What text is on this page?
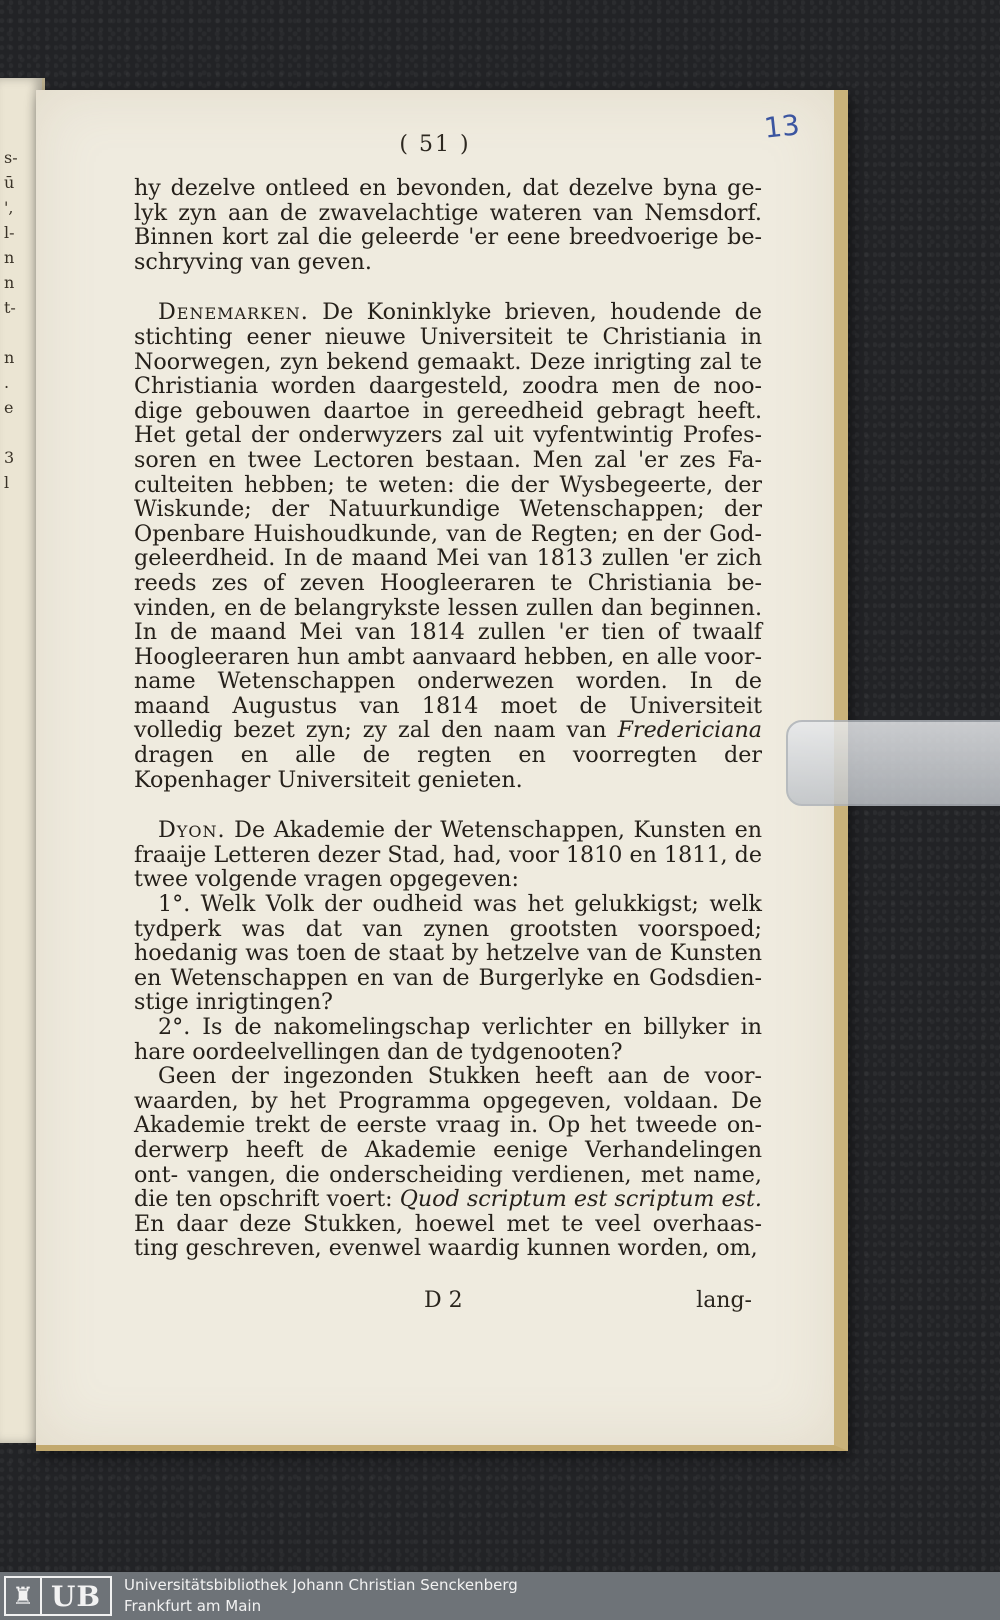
s-
ū
',
l-
n
n
t-
n
.
e
3
l
( 51 )	13

hy dezelve ontleed en bevonden, dat dezelve byna ge- lyk zyn aan de zwavelachtige wateren van Nemsdorf. Binnen kort zal die geleerde 'er eene breedvoerige be- schryving van geven.

Denemarken. De Koninklyke brieven, houdende de stichting eener nieuwe Universiteit te Christiania in Noorwegen, zyn bekend gemaakt. Deze inrigting zal te Christiania worden daargesteld, zoodra men de noo- dige gebouwen daartoe in gereedheid gebragt heeft. Het getal der onderwyzers zal uit vyfentwintig Profes- soren en twee Lectoren bestaan. Men zal 'er zes Fa- culteiten hebben; te weten: die der Wysbegeerte, der Wiskunde; der Natuurkundige Wetenschappen; der Openbare Huishoudkunde, van de Regten; en der God- geleerdheid. In de maand Mei van 1813 zullen 'er zich reeds zes of zeven Hoogleeraren te Christiania be- vinden, en de belangrykste lessen zullen dan beginnen. In de maand Mei van 1814 zullen 'er tien of twaalf Hoogleeraren hun ambt aanvaard hebben, en alle voor- name Wetenschappen onderwezen worden. In de maand Augustus van 1814 moet de Universiteit volledig bezet zyn; zy zal den naam van Fredericiana dragen en alle de regten en voorregten der Kopenhager Universiteit genieten.

Dyon. De Akademie der Wetenschappen, Kunsten en fraaije Letteren dezer Stad, had, voor 1810 en 1811, de twee volgende vragen opgegeven:

1°. Welk Volk der oudheid was het gelukkigst; welk tydperk was dat van zynen grootsten voorspoed; hoedanig was toen de staat by hetzelve van de Kunsten en Wetenschappen en van de Burgerlyke en Godsdien- stige inrigtingen?

2°. Is de nakomelingschap verlichter en billyker in hare oordeelvellingen dan de tydgenooten?

Geen der ingezonden Stukken heeft aan de voor- waarden, by het Programma opgegeven, voldaan. De Akademie trekt de eerste vraag in. Op het tweede on- derwerp heeft de Akademie eenige Verhandelingen ont- vangen, die onderscheiding verdienen, met name, die ten opschrift voert: Quod scriptum est scriptum est. En daar deze Stukken, hoewel met te veel overhaas- ting geschreven, evenwel waardig kunnen worden, om,

D 2	lang-
♜ UB	Universitätsbibliothek Johann Christian Senckenberg
Frankfurt am Main
